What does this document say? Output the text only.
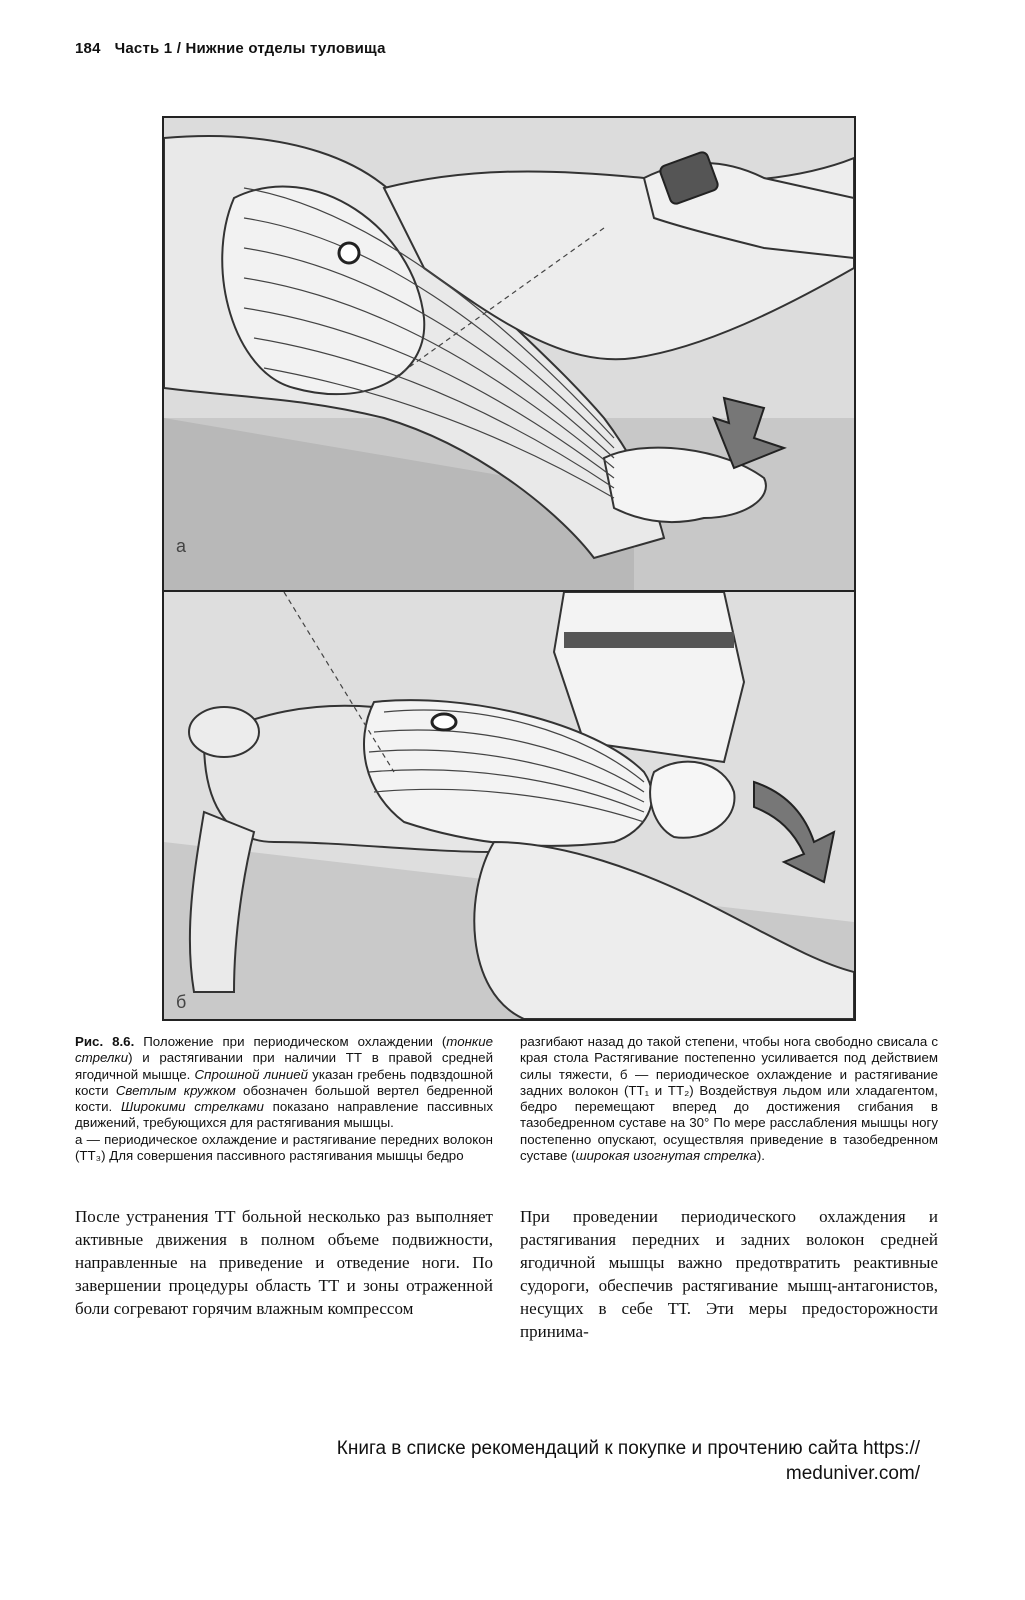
184 Часть 1 / Нижние отделы туловища
а
б

Рис. 8.6. Положение при периодическом охлаждении (тонкие стрелки) и растягивании при наличии ТТ в правой средней ягодичной мышце. Спрошной линией указан гребень подвздошной кости Светлым кружком обозначен большой вертел бедренной кости. Широкими стрелками показано направление пассивных движений, требующихся для растягивания мышцы.

а — периодическое охлаждение и растягивание передних волокон (ТТ₃) Для совершения пассивного растягивания мышцы бедро

разгибают назад до такой степени, чтобы нога свободно свисала с края стола Растягивание постепенно усиливается под действием силы тяжести, б — периодическое охлаждение и растягивание задних волокон (ТТ₁ и ТТ₂) Воздействуя льдом или хладагентом, бедро перемещают вперед до достижения сгибания в тазобедренном суставе на 30° По мере расслабления мышцы ногу постепенно опускают, осуществляя приведение в тазобедренном суставе (широкая изогнутая стрелка).

После устранения ТТ больной несколько раз выполняет активные движения в полном объеме подвижности, направленные на приведение и отведение ноги. По завершении процедуры область ТТ и зоны отраженной боли согревают горячим влажным компрессом
При проведении периодического охлаждения и растягивания передних и задних волокон средней ягодичной мышцы важно предотвратить реактивные судороги, обеспечив растягивание мышц-антагонистов, несущих в себе ТТ. Эти меры предосторожности принима-
Книга в списке рекомендаций к покупке и прочтению сайта https://
meduniver.com/
